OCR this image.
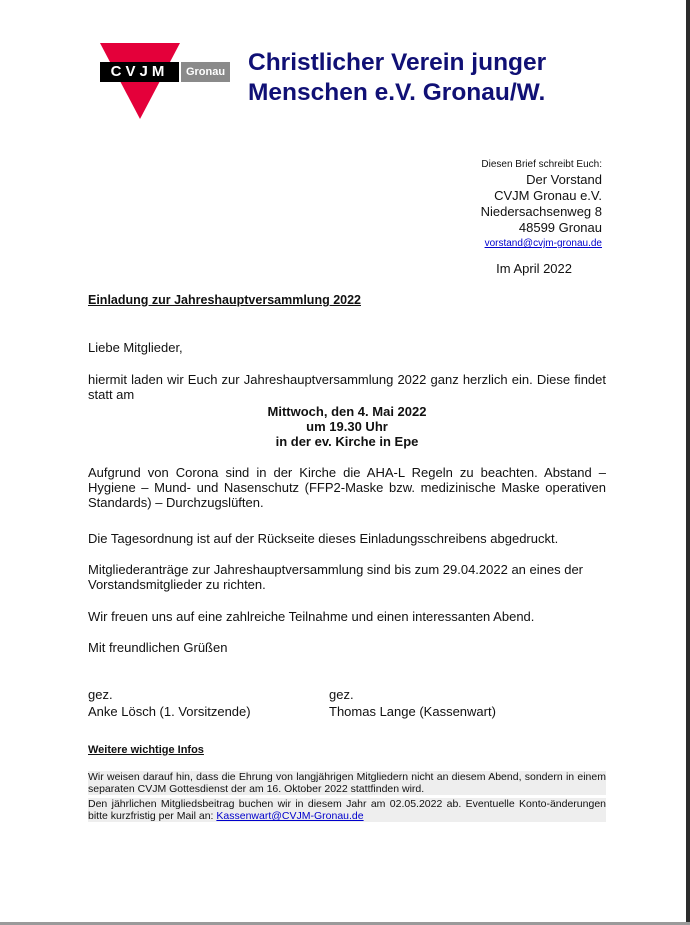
CVJM	Gronau Christlicher Verein junger
Menschen e.V. Gronau/W.
Diesen Brief schreibt Euch:
Der Vorstand
CVJM Gronau e.V.
Niedersachsenweg 8
48599 Gronau
vorstand@cvjm-gronau.de
Im April 2022
Einladung zur Jahreshauptversammlung 2022
Liebe Mitglieder,
hiermit laden wir Euch zur Jahreshauptversammlung 2022 ganz herzlich ein. Diese findet statt am
Mittwoch, den 4. Mai 2022
um 19.30 Uhr
in der ev. Kirche in Epe
Aufgrund von Corona sind in der Kirche die AHA-L Regeln zu beachten. Abstand – Hygiene – Mund- und Nasenschutz (FFP2-Maske bzw. medizinische Maske operativen Standards) – Durchzugslüften.
Die Tagesordnung ist auf der Rückseite dieses Einladungsschreibens abgedruckt.
Mitgliederanträge zur Jahreshauptversammlung sind bis zum 29.04.2022 an eines der Vorstandsmitglieder zu richten.
Wir freuen uns auf eine zahlreiche Teilnahme und einen interessanten Abend.
Mit freundlichen Grüßen
gez.
Anke Lösch (1. Vorsitzende)
gez.
Thomas Lange (Kassenwart)
Weitere wichtige Infos
Wir weisen darauf hin, dass die Ehrung von langjährigen Mitgliedern nicht an diesem Abend, sondern in einem separaten CVJM Gottesdienst der am 16. Oktober 2022 stattfinden wird.
Den jährlichen Mitgliedsbeitrag buchen wir in diesem Jahr am 02.05.2022 ab. Eventuelle Konto-änderungen bitte kurzfristig per Mail an: Kassenwart@CVJM-Gronau.de
